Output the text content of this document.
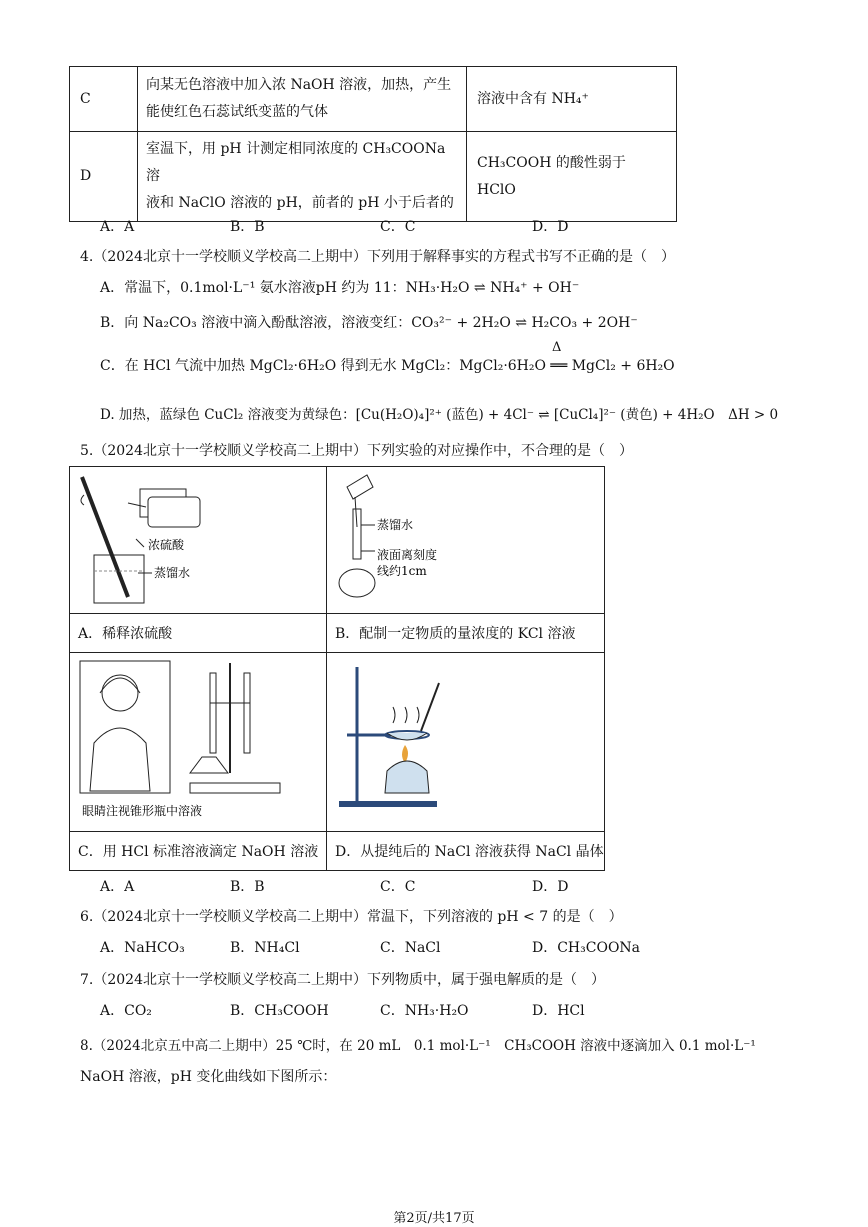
C	向某无色溶液中加入浓 NaOH 溶液，加热，产生
能使红色石蕊试纸变蓝的气体	溶液中含有 NH₄⁺
D	室温下，用 pH 计测定相同浓度的 CH₃COONa 溶
液和 NaClO 溶液的 pH，前者的 pH 小于后者的	CH₃COOH 的酸性弱于 HClO
A．A	B．B	C．C	D．D
4.（2024北京十一学校顺义学校高二上期中）下列用于解释事实的方程式书写不正确的是（　）
A．常温下，0.1mol·L⁻¹ 氨水溶液pH 约为 11：NH₃·H₂O ⇌ NH₄⁺ + OH⁻
B．向 Na₂CO₃ 溶液中滴入酚酞溶液，溶液变红：CO₃²⁻ + 2H₂O ⇌ H₂CO₃ + 2OH⁻
Δ
C．在 HCl 气流中加热 MgCl₂·6H₂O 得到无水 MgCl₂：MgCl₂·6H₂O ══ MgCl₂ + 6H₂O
D. 加热，蓝绿色 CuCl₂ 溶液变为黄绿色：[Cu(H₂O)₄]²⁺ (蓝色) + 4Cl⁻ ⇌ [CuCl₄]²⁻ (黄色) + 4H₂O　ΔH > 0
5.（2024北京十一学校顺义学校高二上期中）下列实验的对应操作中，不合理的是（　）
浓硫酸
蒸馏水	蒸馏水
液面离刻度
线约1cm

A．稀释浓硫酸	B．配制一定物质的量浓度的 KCl 溶液

眼睛注视锥形瓶中溶液

C．用 HCl 标准溶液滴定 NaOH 溶液	D．从提纯后的 NaCl 溶液获得 NaCl 晶体
A．A	B．B	C．C	D．D
6.（2024北京十一学校顺义学校高二上期中）常温下，下列溶液的 pH < 7 的是（　）
A．NaHCO₃	B．NH₄Cl	C．NaCl	D．CH₃COONa
7.（2024北京十一学校顺义学校高二上期中）下列物质中，属于强电解质的是（　）
A．CO₂	B．CH₃COOH	C．NH₃·H₂O	D．HCl
8.（2024北京五中高二上期中）25 ℃时，在 20 mL　0.1 mol·L⁻¹　CH₃COOH 溶液中逐滴加入 0.1 mol·L⁻¹
NaOH 溶液，pH 变化曲线如下图所示：
第2页/共17页
